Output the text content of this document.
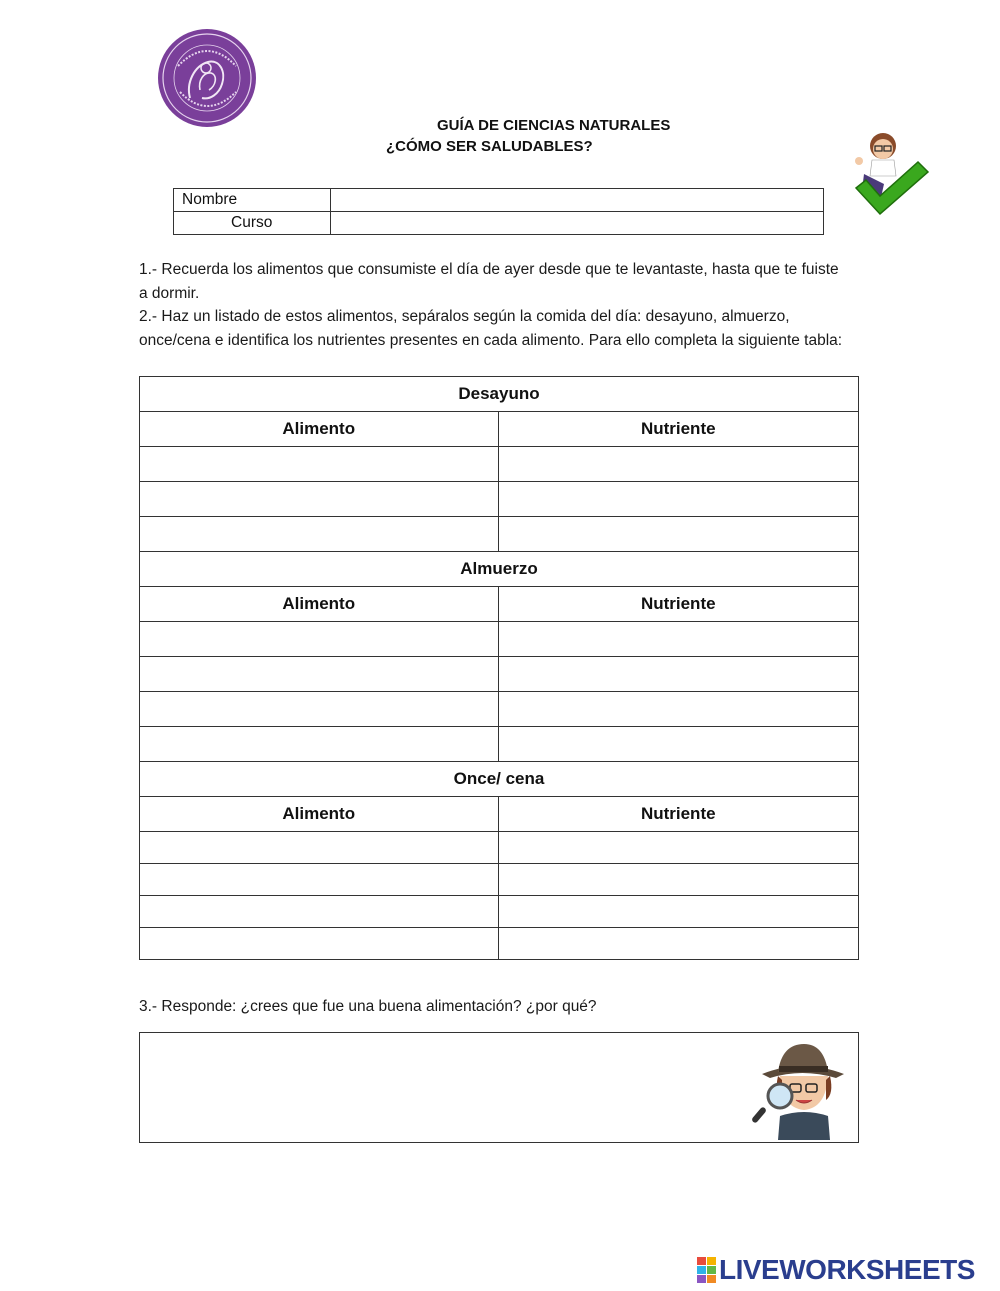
GUÍA DE CIENCIAS NATURALES
¿CÓMO SER SALUDABLES?
Nombre	
Curso	
1.- Recuerda los alimentos que consumiste el día de ayer desde que te levantaste, hasta que te fuiste a dormir.
2.- Haz un listado de estos alimentos, sepáralos según la comida del día: desayuno, almuerzo, once/cena e identifica los nutrientes presentes en cada alimento. Para ello completa la siguiente tabla:
Desayuno	
Alimento	Nutriente

Almuerzo	
Alimento	Nutriente

Once/ cena	
Alimento	Nutriente

3.- Responde: ¿crees que fue una buena alimentación? ¿por qué?
LIVEWORKSHEETS
